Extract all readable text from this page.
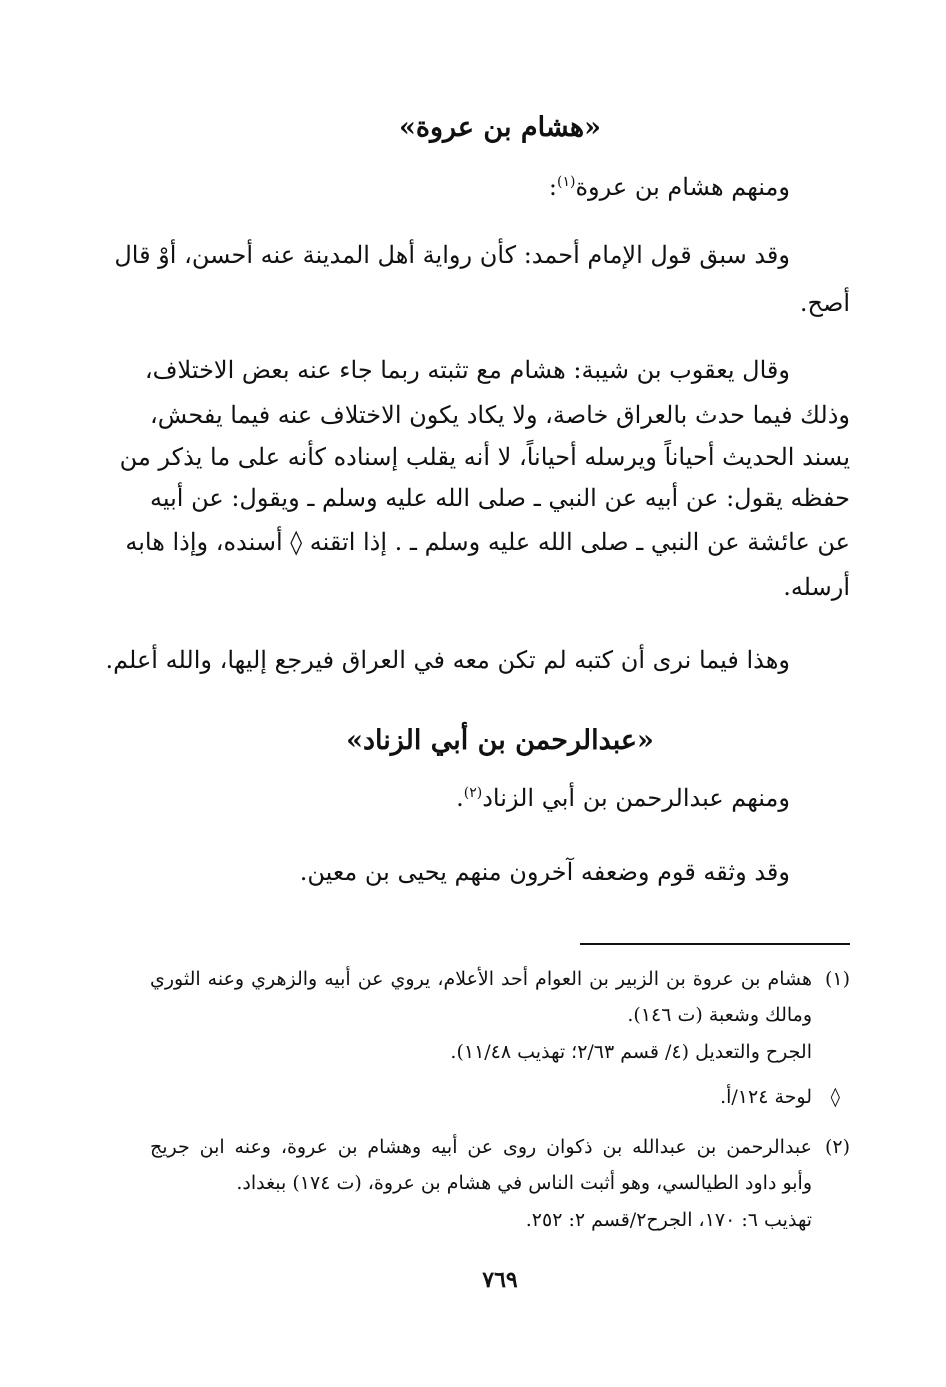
«هشام بن عروة»
ومنهم هشام بن عروة$^{(١)}$:
وقد سبق قول الإمام أحمد: كأن رواية أهل المدينة عنه أحسن، أوْ قال
أصح.
وقال يعقوب بن شيبة: هشام مع تثبته ربما جاء عنه بعض الاختلاف،
وذلك فيما حدث بالعراق خاصة، ولا يكاد يكون الاختلاف عنه فيما يفحش،
يسند الحديث أحياناً ويرسله أحياناً، لا أنه يقلب إسناده كأنه على ما يذكر من
حفظه يقول: عن أبيه عن النبي ـ صلى الله عليه وسلم ـ ويقول: عن أبيه
عن عائشة عن النبي ـ صلى الله عليه وسلم ـ . إذا اتقنه ◊ أسنده، وإذا هابه
أرسله.
وهذا فيما نرى أن كتبه لم تكن معه في العراق فيرجع إليها، والله أعلم.
«عبدالرحمن بن أبي الزناد»
ومنهم عبدالرحمن بن أبي الزناد$^{(٢)}$.
وقد وثقه قوم وضعفه آخرون منهم يحيى بن معين.
(١)
هشام بن عروة بن الزبير بن العوام أحد الأعلام، يروي عن أبيه والزهري وعنه الثوري
ومالك وشعبة (ت ١٤٦).
الجرح والتعديل (٤/ قسم ٢/٦٣؛ تهذيب ١١/٤٨).
◊
لوحة ١٢٤/أ.
(٢)
عبدالرحمن بن عبدالله بن ذكوان روى عن أبيه وهشام بن عروة، وعنه ابن جريج
وأبو داود الطيالسي، وهو أثبت الناس في هشام بن عروة، (ت ١٧٤) ببغداد.
تهذيب ٦: ١٧٠، الجرح٢/قسم ٢: ٢٥٢.
٧٦٩
